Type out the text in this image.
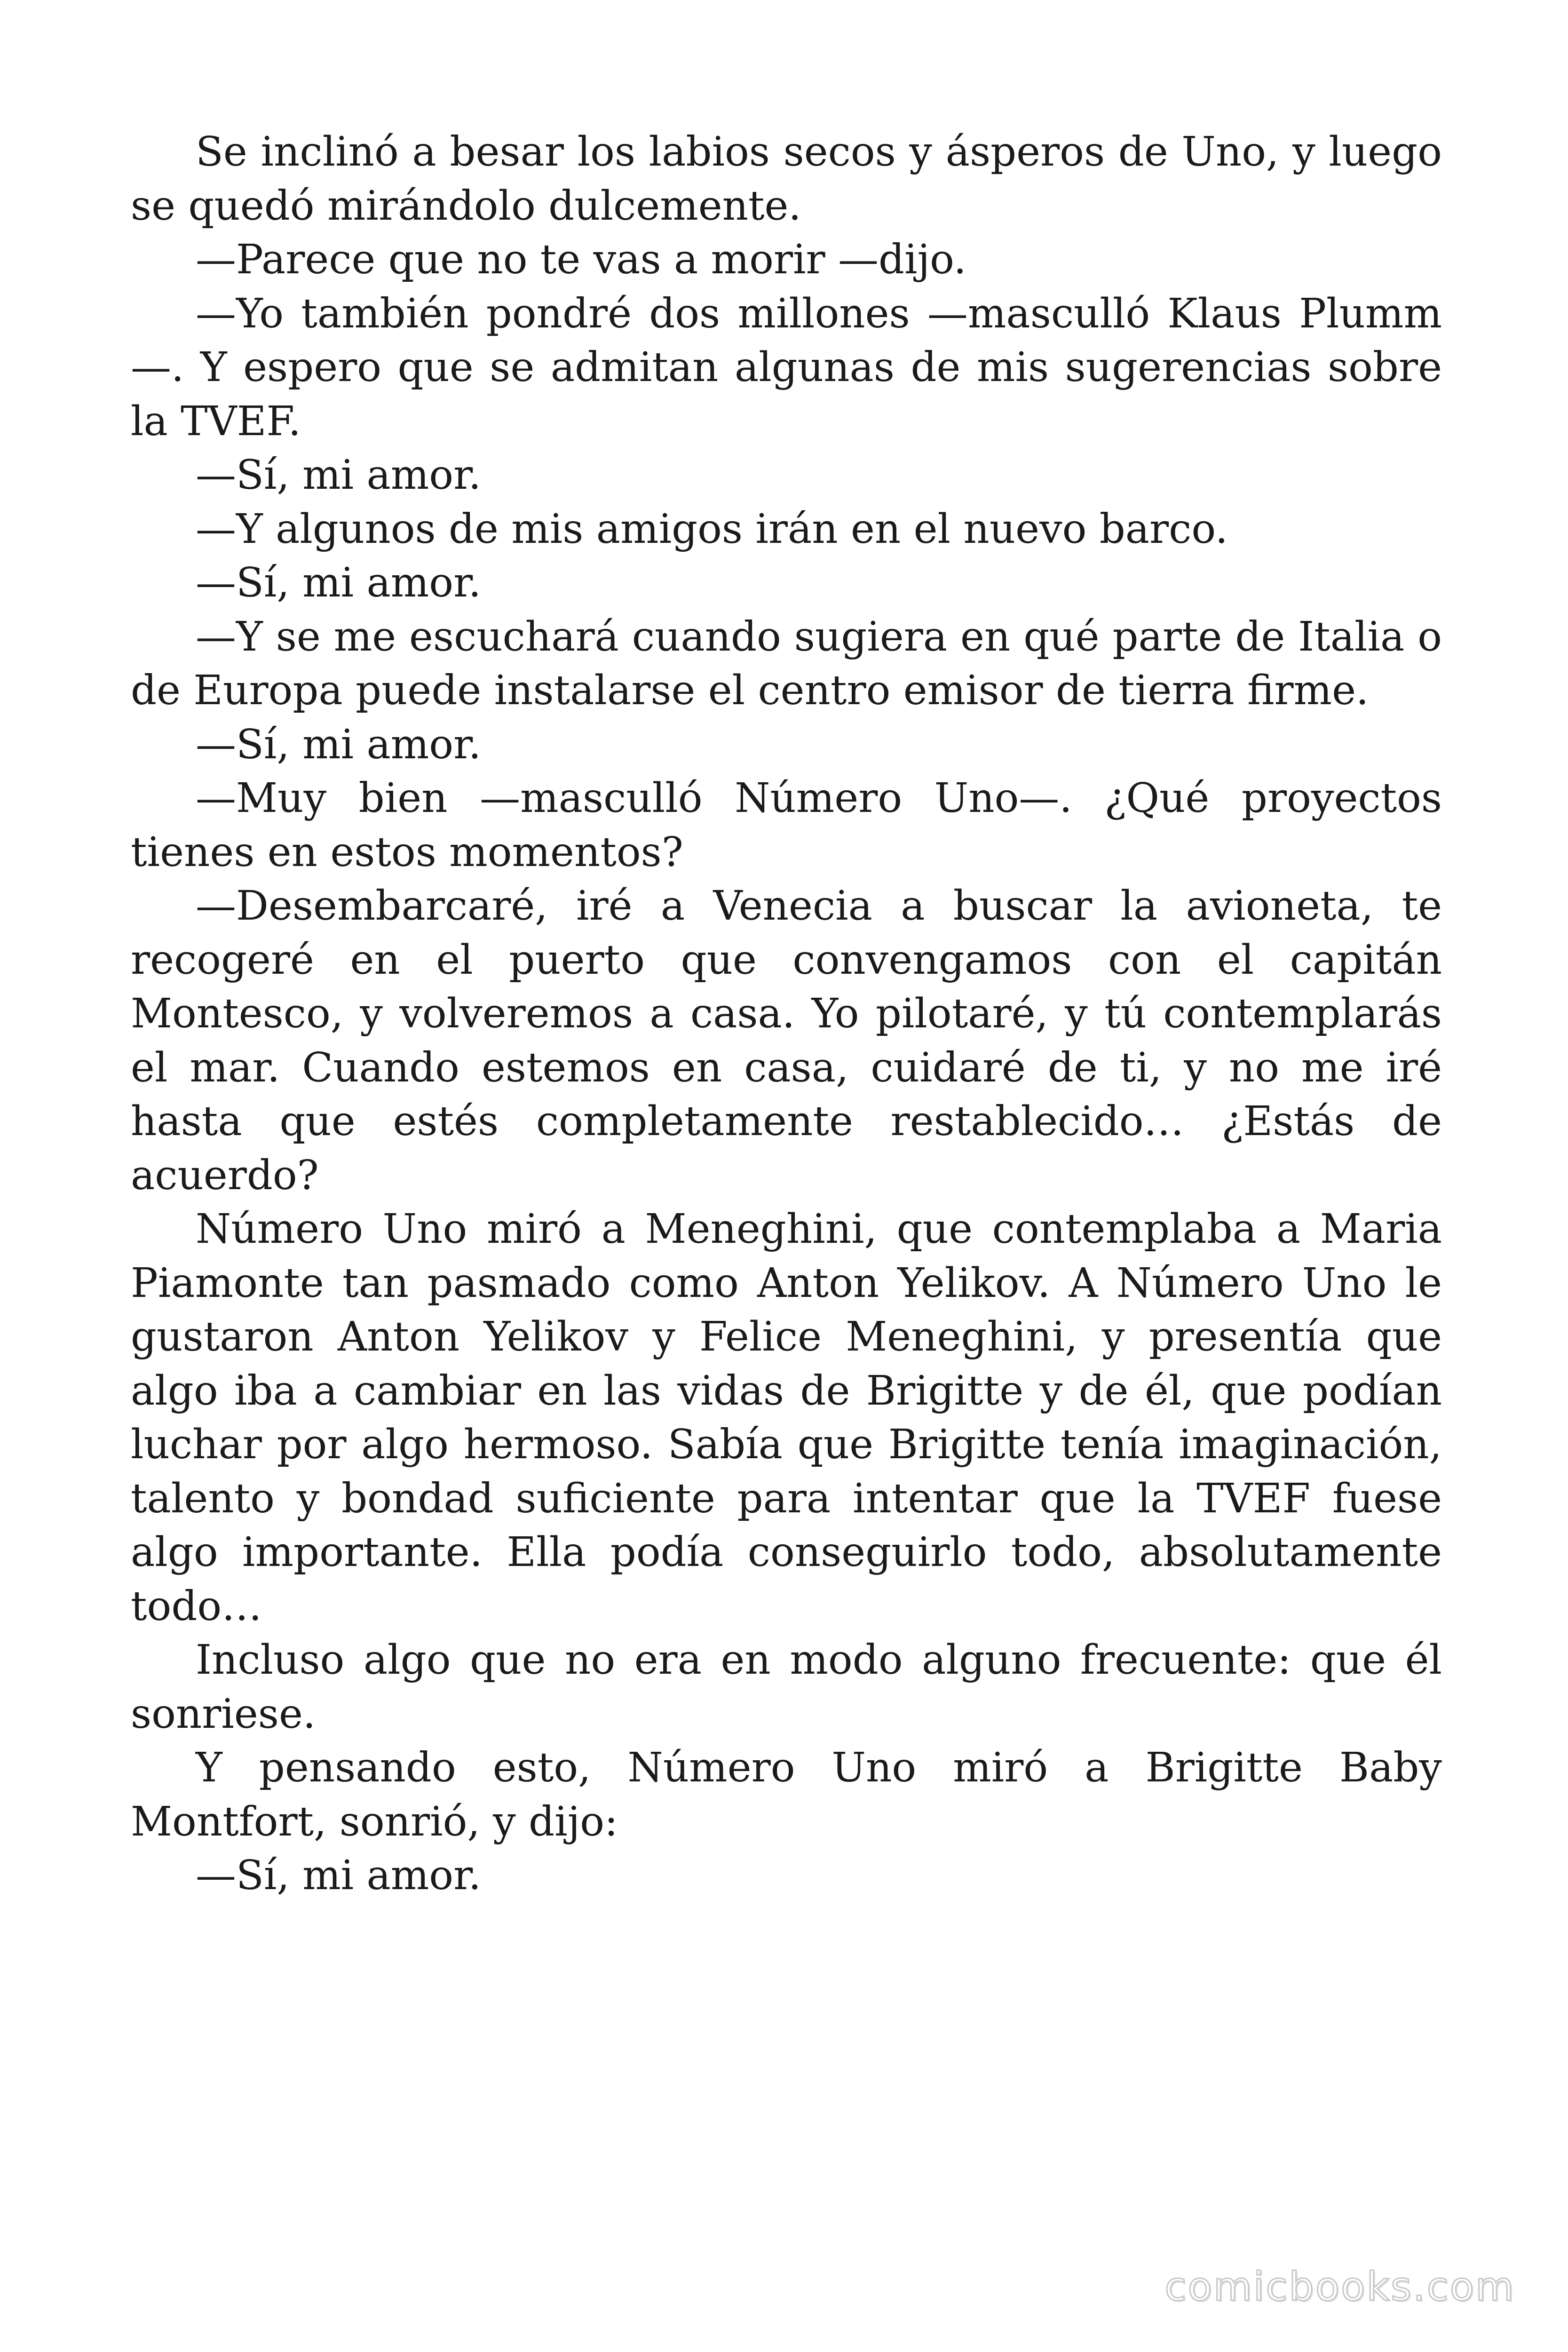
Se inclinó a besar los labios secos y ásperos de Uno, y luego se quedó mirándolo dulcemente.

—Parece que no te vas a morir —dijo.

—Yo también pondré dos millones —masculló Klaus Plumm—. Y espero que se admitan algunas de mis sugerencias sobre la TVEF.

—Sí, mi amor.

—Y algunos de mis amigos irán en el nuevo barco.

—Sí, mi amor.

—Y se me escuchará cuando sugiera en qué parte de Italia o de Europa puede instalarse el centro emisor de tierra firme.

—Sí, mi amor.

—Muy bien —masculló Número Uno—. ¿Qué proyectos tienes en estos momentos?

—Desembarcaré, iré a Venecia a buscar la avioneta, te recogeré en el puerto que convengamos con el capitán Montesco, y volveremos a casa. Yo pilotaré, y tú contemplarás el mar. Cuando estemos en casa, cuidaré de ti, y no me iré hasta que estés completamente restablecido… ¿Estás de acuerdo?

Número Uno miró a Meneghini, que contemplaba a Maria Piamonte tan pasmado como Anton Yelikov. A Número Uno le gustaron Anton Yelikov y Felice Meneghini, y presentía que algo iba a cambiar en las vidas de Brigitte y de él, que podían luchar por algo hermoso. Sabía que Brigitte tenía imaginación, talento y bondad suficiente para intentar que la TVEF fuese algo importante. Ella podía conseguirlo todo, absolutamente todo…

Incluso algo que no era en modo alguno frecuente: que él sonriese.

Y pensando esto, Número Uno miró a Brigitte Baby Montfort, sonrió, y dijo:

—Sí, mi amor.

comicbooks.com
